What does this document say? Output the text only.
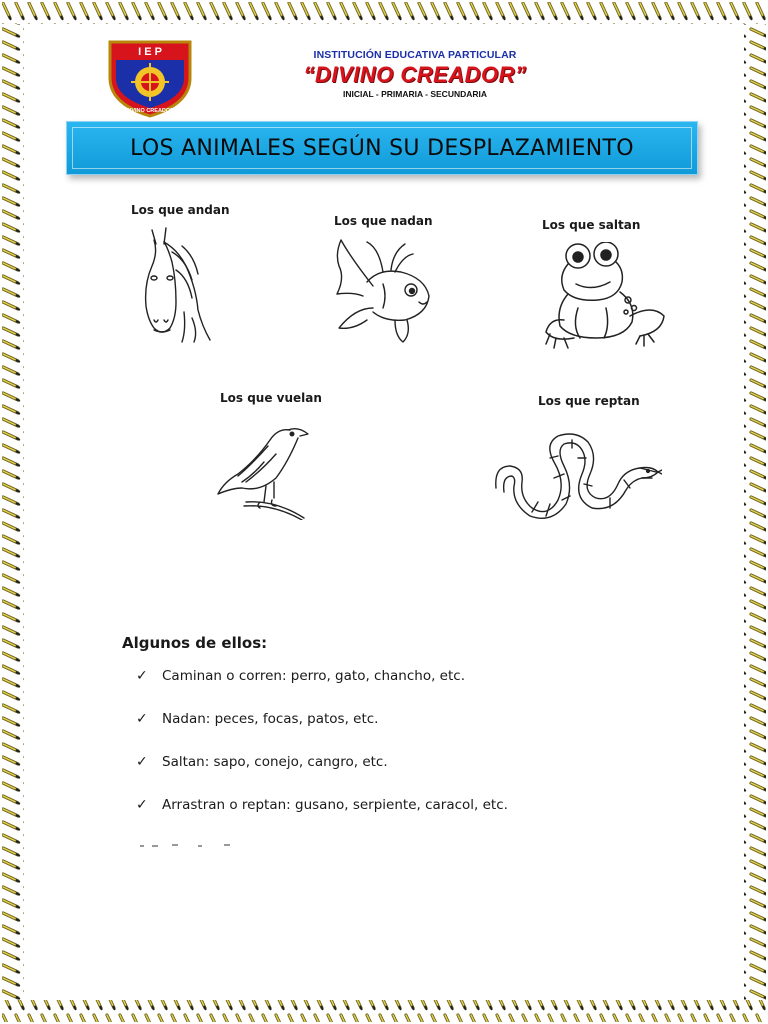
I E P
"DIVINO CREADOR"
INSTITUCIÓN EDUCATIVA PARTICULAR
“DIVINO CREADOR”
INICIAL - PRIMARIA - SECUNDARIA
LOS ANIMALES SEGÚN SU DESPLAZAMIENTO
Los que andan
Los que nadan	Los que saltan
Los que vuelan	Los que reptan
Algunos de ellos:
✓	Caminan o corren: perro, gato, chancho, etc.
✓	Nadan: peces, focas, patos, etc.
✓	Saltan: sapo, conejo, cangro, etc.
✓	Arrastran o reptan: gusano, serpiente, caracol, etc.
